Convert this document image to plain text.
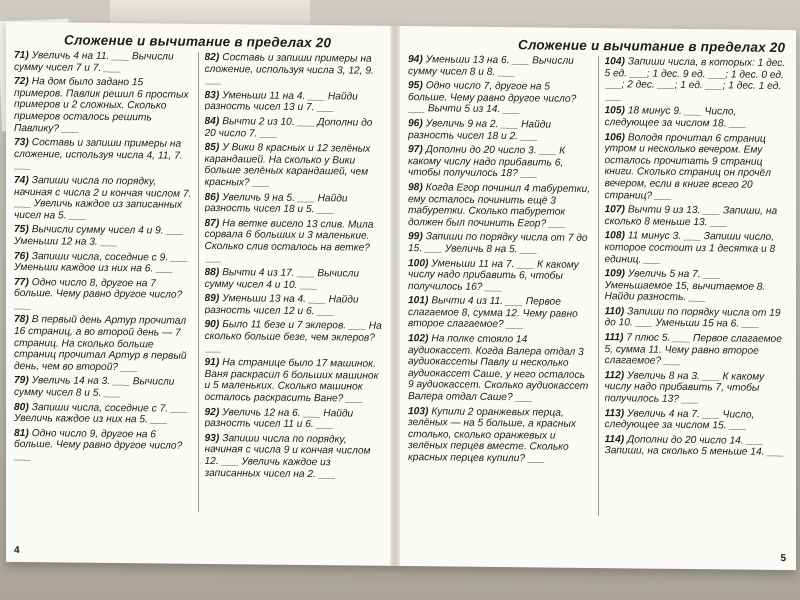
Сложение и вычитание в пределах 20
71) Увеличь 4 на 11. ___ Вычисли сумму чисел 7 и 7. ___
72) На дом было задано 15 примеров. Павлик решил 6 простых примеров и 2 сложных. Сколько примеров осталось решить Павлику? ___
73) Составь и запиши примеры на сложение, используя числа 4, 11, 7. ___
74) Запиши числа по порядку, начиная с числа 2 и кончая числом 7. ___ Увеличь каждое из записанных чисел на 5. ___
75) Вычисли сумму чисел 4 и 9. ___ Уменьши 12 на 3. ___
76) Запиши числа, соседние с 9. ___ Уменьши каждое из них на 6. ___
77) Одно число 8, другое на 7 больше. Чему равно другое число? ___
78) В первый день Артур прочитал 16 страниц, а во второй день — 7 страниц. На сколько больше страниц прочитал Артур в первый день, чем во второй? ___
79) Увеличь 14 на 3. ___ Вычисли сумму чисел 8 и 5. ___
80) Запиши числа, соседние с 7. ___ Увеличь каждое из них на 5. ___
81) Одно число 9, другое на 6 больше. Чему равно другое число? ___
82) Составь и запиши примеры на сложение, используя числа 3, 12, 9. ___
83) Уменьши 11 на 4. ___ Найди разность чисел 13 и 7. ___
84) Вычти 2 из 10. ___ Дополни до 20 число 7. ___
85) У Вики 8 красных и 12 зелёных карандашей. На сколько у Вики больше зелёных карандашей, чем красных? ___
86) Увеличь 9 на 5. ___ Найди разность чисел 18 и 5. ___
87) На ветке висело 13 слив. Мила сорвала 6 больших и 3 маленькие. Сколько слив осталось на ветке? ___
88) Вычти 4 из 17. ___ Вычисли сумму чисел 4 и 10. ___
89) Уменьши 13 на 4. ___ Найди разность чисел 12 и 6. ___
90) Было 11 безе и 7 эклеров. ___ На сколько больше безе, чем эклеров? ___
91) На странице было 17 машинок. Ваня раскрасил 6 больших машинок и 5 маленьких. Сколько машинок осталось раскрасить Ване? ___
92) Увеличь 12 на 6. ___ Найди разность чисел 11 и 6. ___
93) Запиши числа по порядку, начиная с числа 9 и кончая числом 12. ___ Увеличь каждое из записанных чисел на 2. ___
4
Сложение и вычитание в пределах 20
94) Уменьши 13 на 6. ___ Вычисли сумму чисел 8 и 8. ___
95) Одно число 7, другое на 5 больше. Чему равно другое число? ___ Вычти 5 из 14. ___
96) Увеличь 9 на 2. ___ Найди разность чисел 18 и 2. ___
97) Дополни до 20 число 3. ___ К какому числу надо прибавить 6, чтобы получилось 18? ___
98) Когда Егор починил 4 табуретки, ему осталось починить ещё 3 табуретки. Сколько табуреток должен был починить Егор? ___
99) Запиши по порядку числа от 7 до 15. ___ Увеличь 8 на 5. ___
100) Уменьши 11 на 7. ___ К какому числу надо прибавить 6, чтобы получилось 16? ___
101) Вычти 4 из 11. ___ Первое слагаемое 8, сумма 12. Чему равно второе слагаемое? ___
102) На полке стояло 14 аудиокассет. Когда Валера отдал 3 аудиокассеты Павлу и несколько аудиокассет Саше, у него осталось 9 аудиокассет. Сколько аудиокассет Валера отдал Саше? ___
103) Купили 2 оранжевых перца, зелёных — на 5 больше, а красных столько, сколько оранжевых и зелёных перцев вместе. Сколько красных перцев купили? ___
104) Запиши числа, в которых: 1 дес. 5 ед. ___; 1 дес. 9 ед. ___; 1 дес. 0 ед. ___; 2 дес. ___; 1 ед. ___; 1 дес. 1 ед. ___
105) 18 минус 9. ___ Число, следующее за числом 18. ___
106) Володя прочитал 6 страниц утром и несколько вечером. Ему осталось прочитать 9 страниц книги. Сколько страниц он прочёл вечером, если в книге всего 20 страниц? ___
107) Вычти 9 из 13. ___ Запиши, на сколько 8 меньше 13. ___
108) 11 минус 3. ___ Запиши число, которое состоит из 1 десятка и 8 единиц. ___
109) Увеличь 5 на 7. ___ Уменьшаемое 15, вычитаемое 8. Найди разность. ___
110) Запиши по порядку числа от 19 до 10. ___ Уменьши 15 на 6. ___
111) 7 плюс 5. ___ Первое слагаемое 5, сумма 11. Чему равно второе слагаемое? ___
112) Увеличь 8 на 3. ___ К какому числу надо прибавить 7, чтобы получилось 13? ___
113) Увеличь 4 на 7. ___ Число, следующее за числом 15. ___
114) Дополни до 20 число 14. ___ Запиши, на сколько 5 меньше 14. ___
5
